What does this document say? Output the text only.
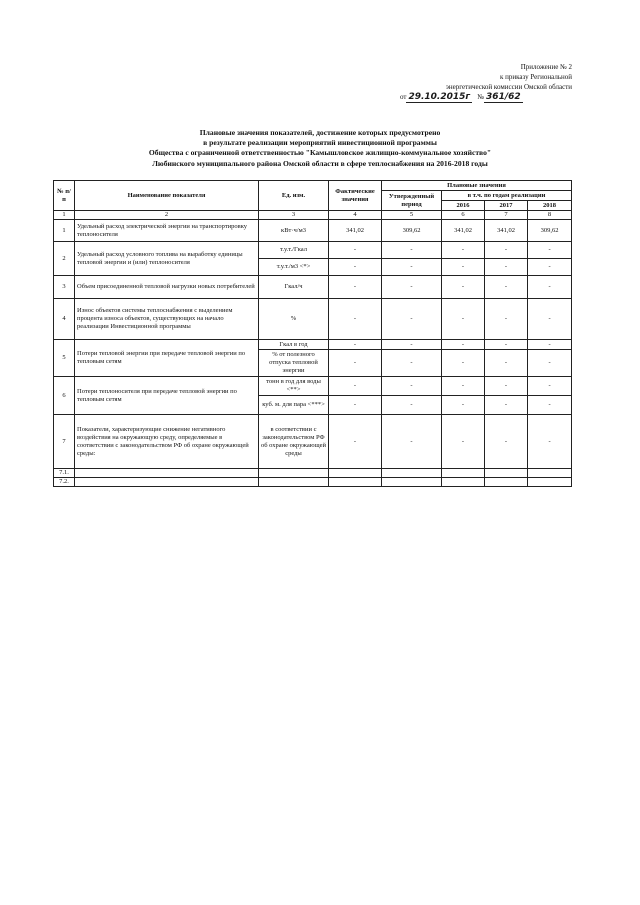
Приложение № 2
к приказу Региональной
энергетической комиссии Омской области
от 29.10.2015г № 361/62
Плановые значения показателей, достижение которых предусмотрено
в результате реализации мероприятий инвестиционной программы
Общества с ограниченной ответственностью "Камышловское жилищно-коммунальное хозяйство"
Любинского муниципального района Омской области в сфере теплоснабжения на 2016-2018 годы
№ п/п	Наименование показателя	Ед. изм.	Фактические значения	Плановые значения			
				Утвержденный период	в т.ч. по годам реализации		
					2016	2017	2018
1	2	3	4	5	6	7	8
1	Удельный расход электрической энергии на транспортировку теплоносителя	кВт·ч/м3	341,02	309,62	341,02	341,02	309,62
2	Удельный расход условного топлива на выработку единицы тепловой энергии и (или) теплоносителя	т.у.т./Гкал	-	-	-	-	-
		т.у.т./м3 <*>	-	-	-	-	-
3	Объем присоединенной тепловой нагрузки новых потребителей	Гкал/ч	-	-	-	-	-
4	Износ объектов системы теплоснабжения с выделением процента износа объектов, существующих на начало реализации Инвестиционной программы	%	-	-	-	-	-
5	Потери тепловой энергии при передаче тепловой энергии по тепловым сетям	Гкал в год	-	-	-	-	-
		% от полезного отпуска тепловой энергии	-	-	-	-	-
6	Потери теплоносителя при передаче тепловой энергии по тепловым сетям	тонн в год для воды <**>	-	-	-	-	-
		куб. м. для пара <***>	-	-	-	-	-
7	Показатели, характеризующие снижение негативного воздействия на окружающую среду, определяемые в соответствии с законодательством РФ об охране окружающей среды:	в соответствии с законодательством РФ об охране окружающей среды	-	-	-	-	-
7.1.							
7.2.							
